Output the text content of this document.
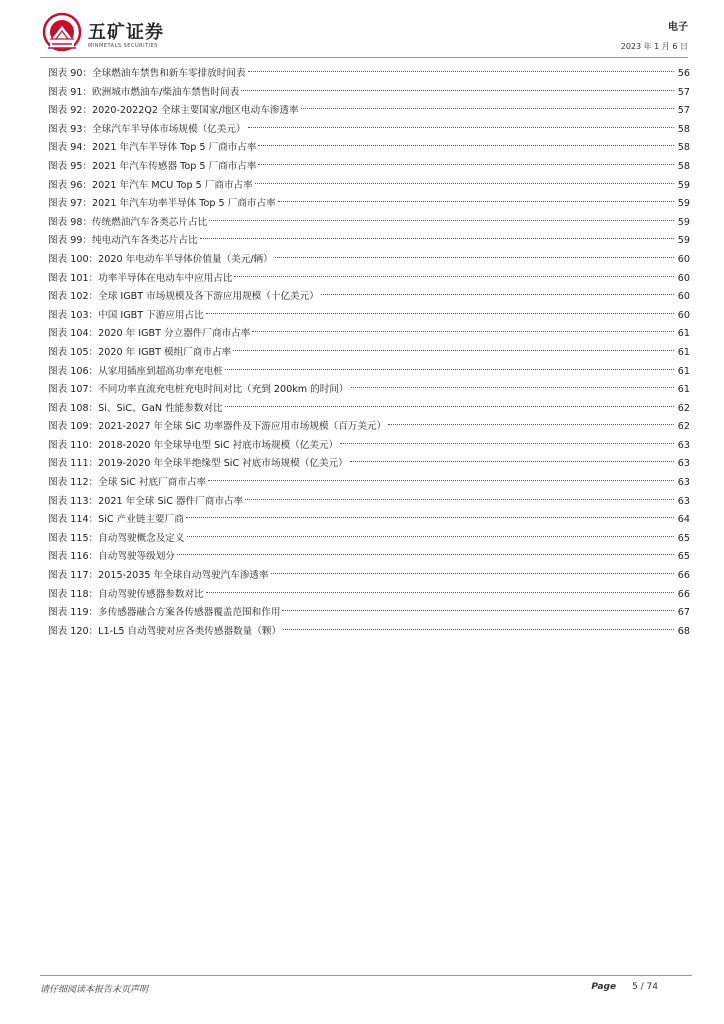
五矿证券
MINMETALS SECURITIES
电子
2023 年 1 月 6 日
图表 90：全球燃油车禁售和新车零排放时间表	56
图表 91：欧洲城市燃油车/柴油车禁售时间表	57
图表 92：2020-2022Q2 全球主要国家/地区电动车渗透率	57
图表 93：全球汽车半导体市场规模（亿美元）	58
图表 94：2021 年汽车半导体 Top 5 厂商市占率	58
图表 95：2021 年汽车传感器 Top 5 厂商市占率	58
图表 96：2021 年汽车 MCU Top 5 厂商市占率	59
图表 97：2021 年汽车功率半导体 Top 5 厂商市占率	59
图表 98：传统燃油汽车各类芯片占比	59
图表 99：纯电动汽车各类芯片占比	59
图表 100：2020 年电动车半导体价值量（美元/辆）	60
图表 101：功率半导体在电动车中应用占比	60
图表 102：全球 IGBT 市场规模及各下游应用规模（十亿美元）	60
图表 103：中国 IGBT 下游应用占比	60
图表 104：2020 年 IGBT 分立器件厂商市占率	61
图表 105：2020 年 IGBT 模组厂商市占率	61
图表 106：从家用插座到超高功率充电桩	61
图表 107：不同功率直流充电桩充电时间对比（充到 200km 的时间）	61
图表 108：Si、SiC、GaN 性能参数对比	62
图表 109：2021-2027 年全球 SiC 功率器件及下游应用市场规模（百万美元）	62
图表 110：2018-2020 年全球导电型 SiC 衬底市场规模（亿美元）	63
图表 111：2019-2020 年全球半绝缘型 SiC 衬底市场规模（亿美元）	63
图表 112：全球 SiC 衬底厂商市占率	63
图表 113：2021 年全球 SiC 器件厂商市占率	63
图表 114：SiC 产业链主要厂商	64
图表 115：自动驾驶概念及定义	65
图表 116：自动驾驶等级划分	65
图表 117：2015-2035 年全球自动驾驶汽车渗透率	66
图表 118：自动驾驶传感器参数对比	66
图表 119：多传感器融合方案各传感器覆盖范围和作用	67
图表 120：L1-L5 自动驾驶对应各类传感器数量（颗）	68
请仔细阅读本报告末页声明	Page 5 / 74
